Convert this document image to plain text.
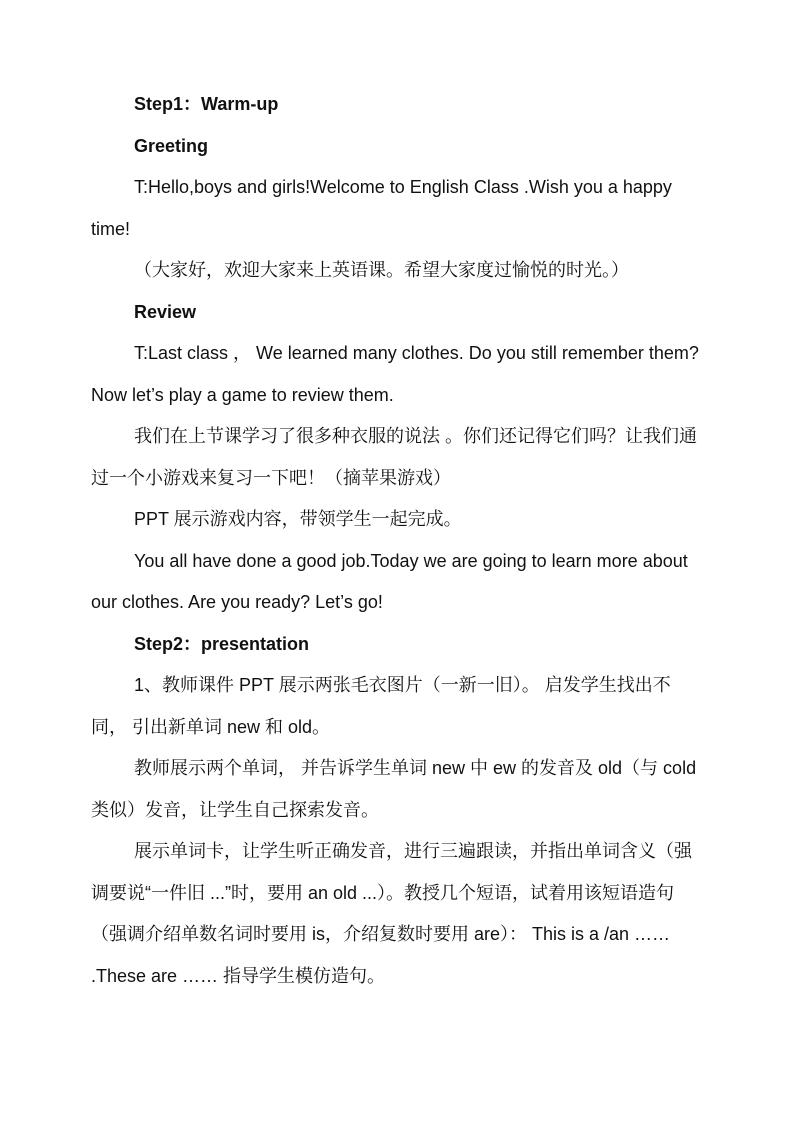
Step1：Warm-up

Greeting

T:Hello,boys and girls!Welcome to English Class .Wish you a happy time!

（大家好，欢迎大家来上英语课。希望大家度过愉悦的时光。）

Review

T:Last class ， We learned many clothes. Do you still remember them? Now let’s play a game to review them.

我们在上节课学习了很多种衣服的说法 。你们还记得它们吗？让我们通过一个小游戏来复习一下吧！（摘苹果游戏）

PPT 展示游戏内容，带领学生一起完成。

You all have done a good job.Today we are going to learn more about our clothes. Are you ready? Let’s go!

Step2：presentation

1、教师课件 PPT 展示两张毛衣图片（一新一旧）。 启发学生找出不同， 引出新单词 new 和 old。

教师展示两个单词， 并告诉学生单词 new 中 ew 的发音及 old（与 cold 类似）发音，让学生自己探索发音。

展示单词卡，让学生听正确发音，进行三遍跟读，并指出单词含义（强调要说“一件旧 ...”时，要用 an old ...）。教授几个短语，试着用该短语造句（强调介绍单数名词时要用 is，介绍复数时要用 are）： This is a /an …… .These are …… 指导学生模仿造句。
